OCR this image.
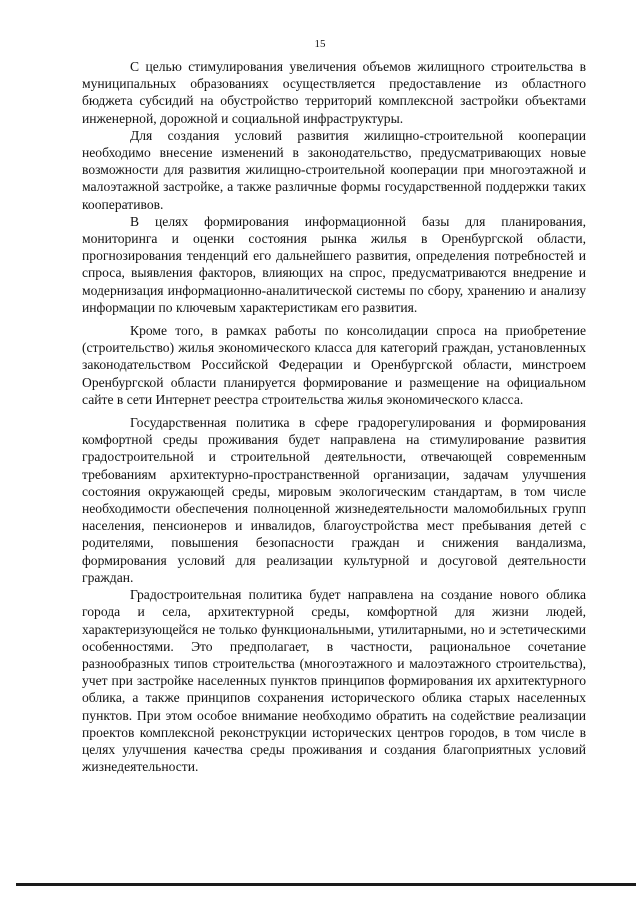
15

С целью стимулирования увеличения объемов жилищного строительства в муниципальных образованиях осуществляется предоставление из областного бюджета субсидий на обустройство территорий комплексной застройки объектами инженерной, дорожной и социальной инфраструктуры.

Для создания условий развития жилищно-строительной кооперации необходимо внесение изменений в законодательство, предусматривающих новые возможности для развития жилищно-строительной кооперации при многоэтажной и малоэтажной застройке, а также различные формы государственной поддержки таких кооперативов.

В целях формирования информационной базы для планирования, мониторинга и оценки состояния рынка жилья в Оренбургской области, прогнозирования тенденций его дальнейшего развития, определения потребностей и спроса, выявления факторов, влияющих на спрос, предусматриваются внедрение и модернизация информационно-аналитической системы по сбору, хранению и анализу информации по ключевым характеристикам его развития.

Кроме того, в рамках работы по консолидации спроса на приобретение (строительство) жилья экономического класса для категорий граждан, установленных законодательством Российской Федерации и Оренбургской области, минстроем Оренбургской области планируется формирование и размещение на официальном сайте в сети Интернет реестра строительства жилья экономического класса.

Государственная политика в сфере градорегулирования и формирования комфортной среды проживания будет направлена на стимулирование развития градостроительной и строительной деятельности, отвечающей современным требованиям архитектурно-пространственной организации, задачам улучшения состояния окружающей среды, мировым экологическим стандартам, в том числе необходимости обеспечения полноценной жизнедеятельности маломобильных групп населения, пенсионеров и инвалидов, благоустройства мест пребывания детей с родителями, повышения безопасности граждан и снижения вандализма, формирования условий для реализации культурной и досуговой деятельности граждан.

Градостроительная политика будет направлена на создание нового облика города и села, архитектурной среды, комфортной для жизни людей, характеризующейся не только функциональными, утилитарными, но и эстетическими особенностями. Это предполагает, в частности, рациональное сочетание разнообразных типов строительства (многоэтажного и малоэтажного строительства), учет при застройке населенных пунктов принципов формирования их архитектурного облика, а также принципов сохранения исторического облика старых населенных пунктов. При этом особое внимание необходимо обратить на содействие реализации проектов комплексной реконструкции исторических центров городов, в том числе в целях улучшения качества среды проживания и создания благоприятных условий жизнедеятельности.
